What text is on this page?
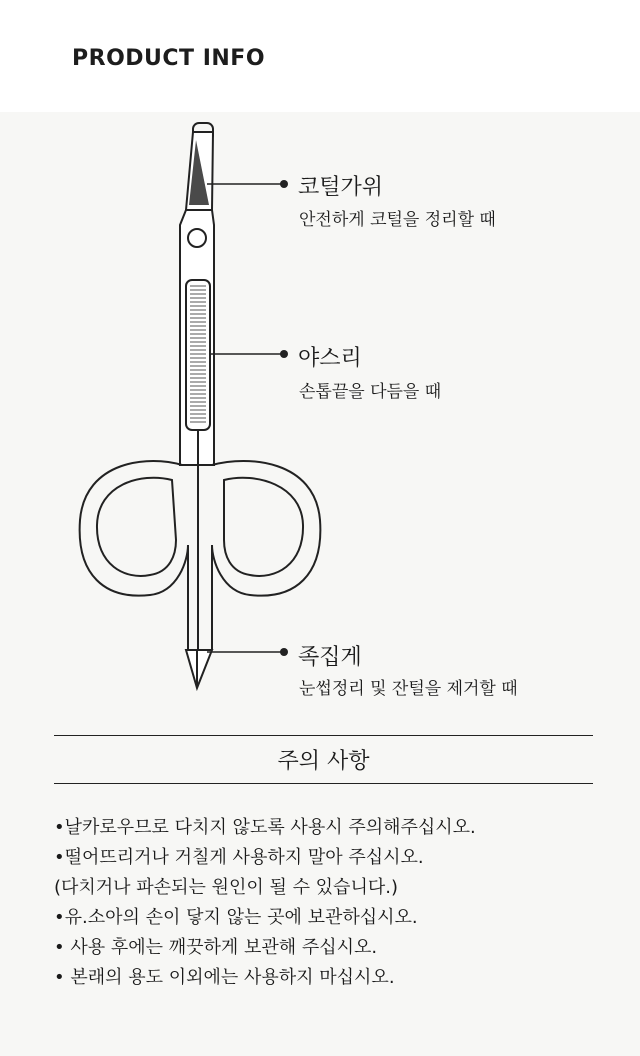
PRODUCT INFO
코털가위
안전하게 코털을 정리할 때
야스리
손톱끝을 다듬을 때
족집게
눈썹정리 및 잔털을 제거할 때
주의 사항
•날카로우므로 다치지 않도록 사용시 주의해주십시오.
•떨어뜨리거나 거칠게 사용하지 말아 주십시오.
(다치거나 파손되는 원인이 될 수 있습니다.)
•유.소아의 손이 닿지 않는 곳에 보관하십시오.
• 사용 후에는 깨끗하게 보관해 주십시오.
• 본래의 용도 이외에는 사용하지 마십시오.
